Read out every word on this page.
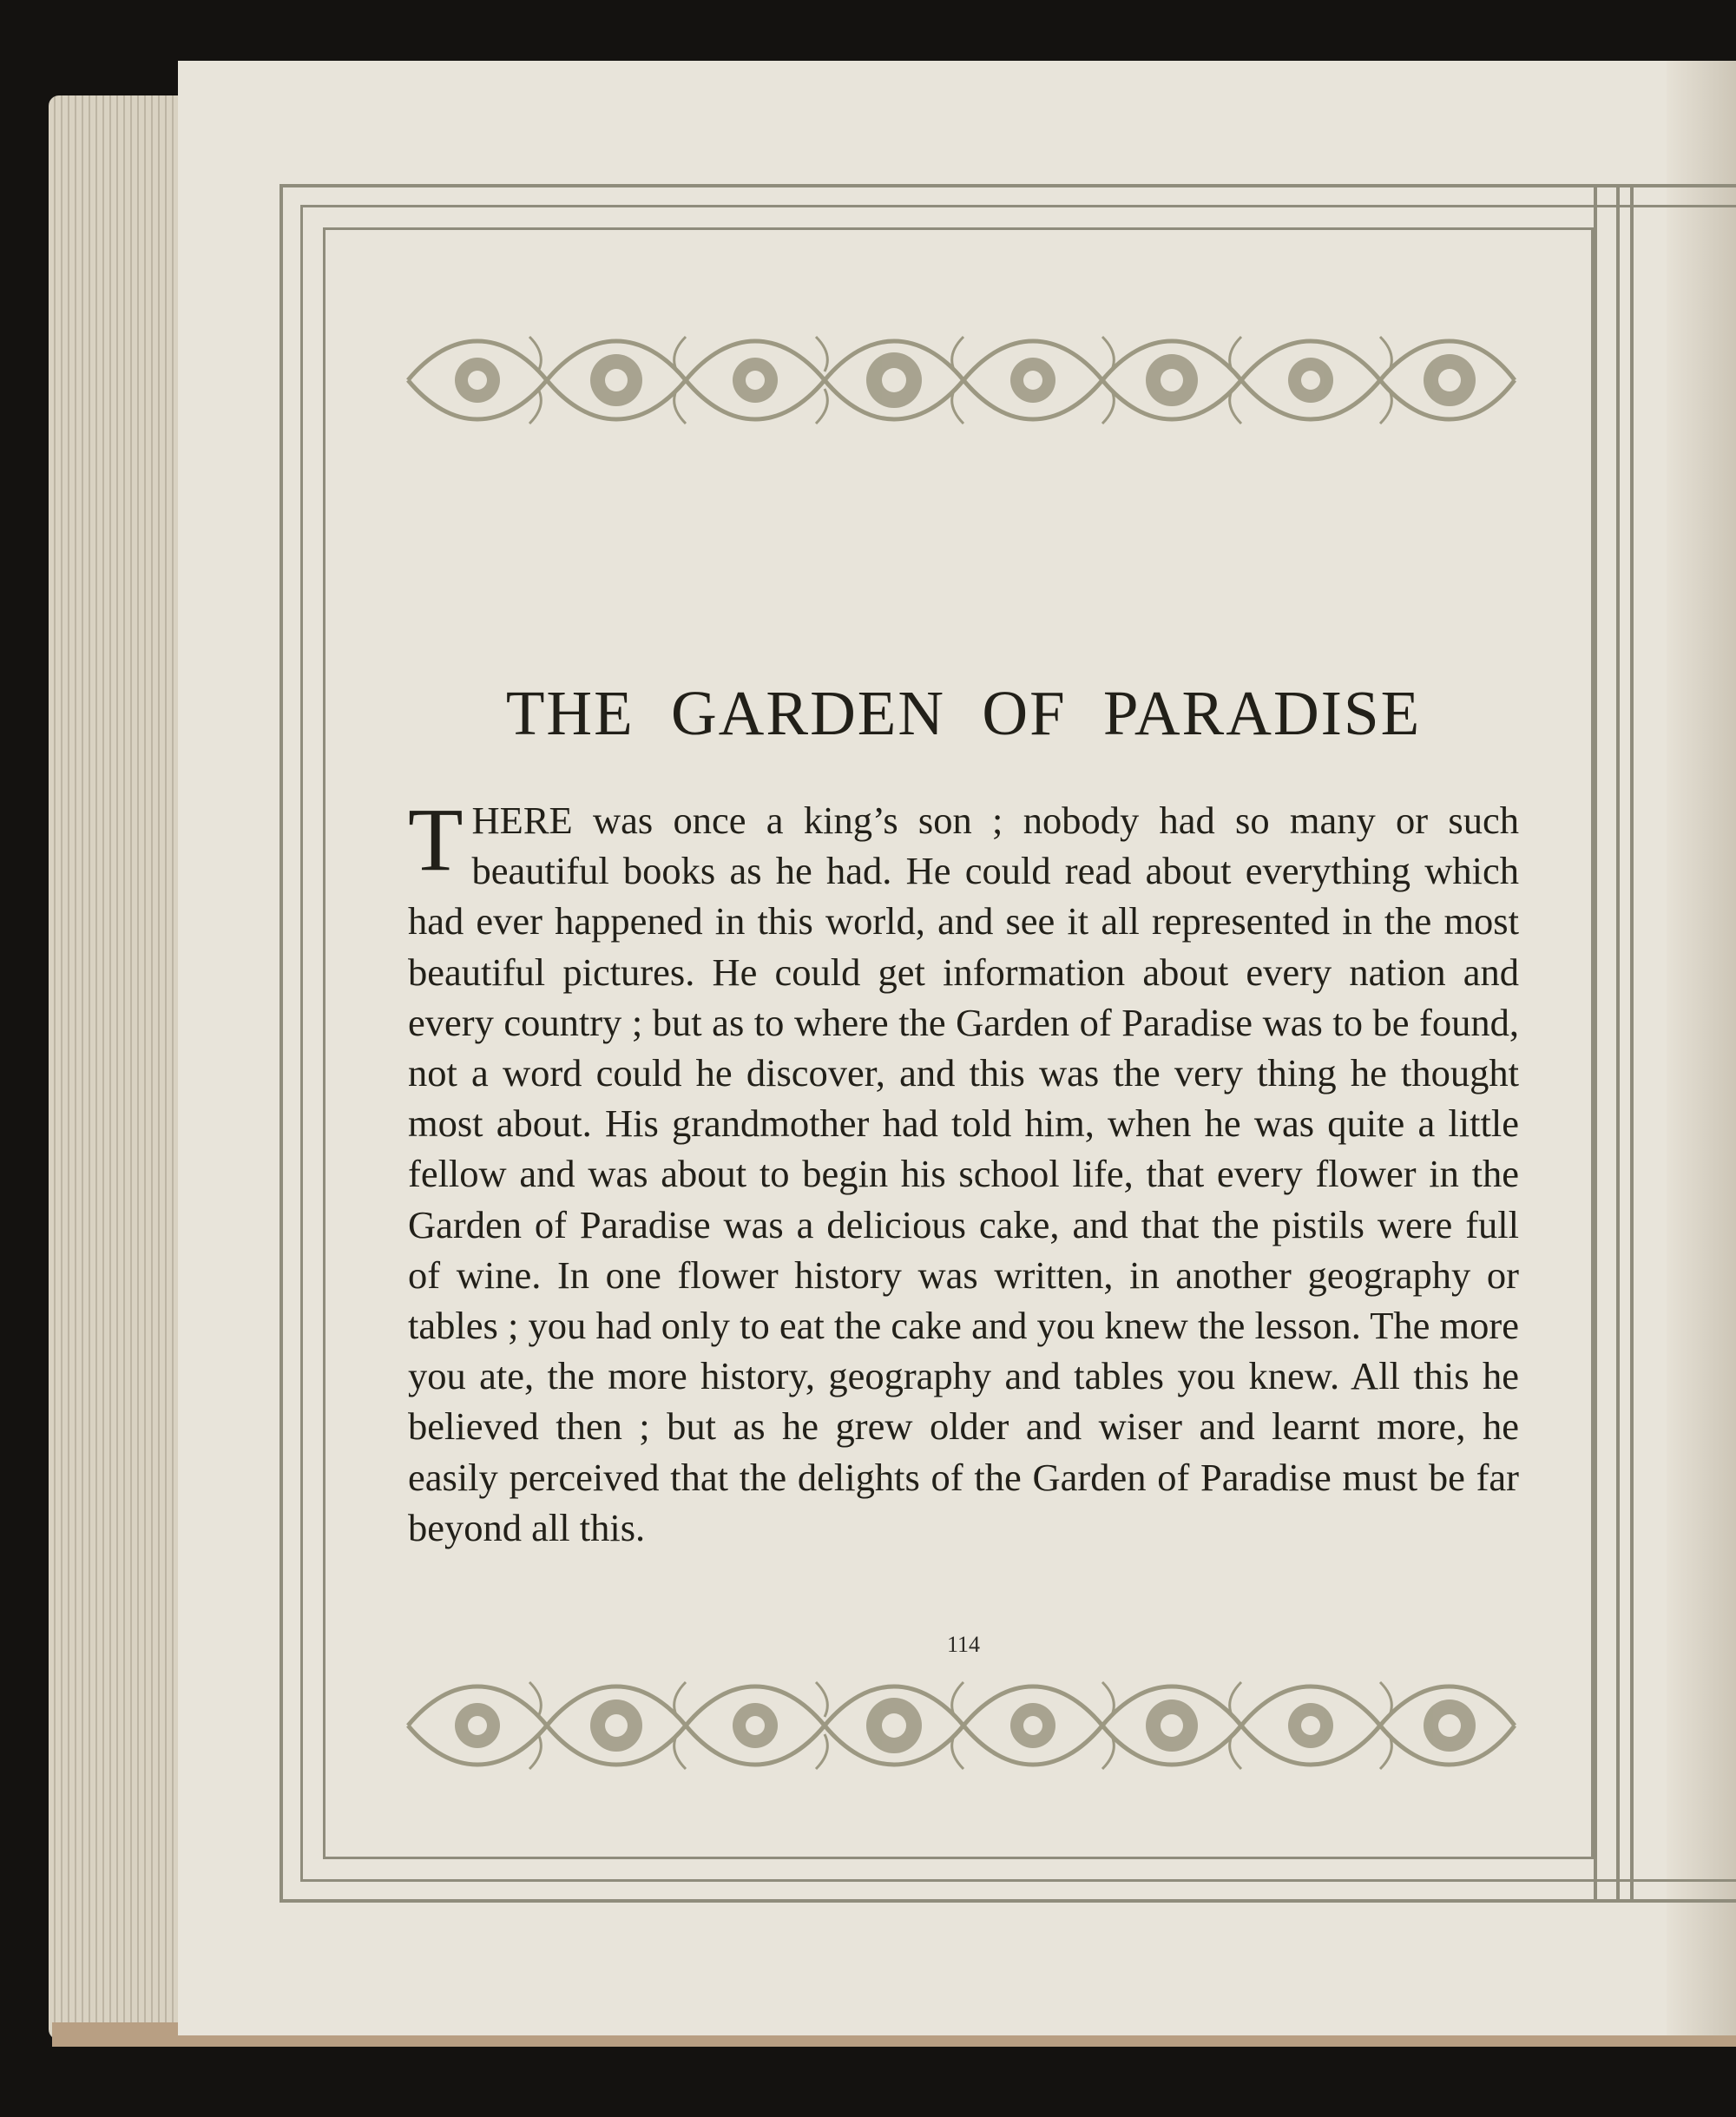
THE GARDEN OF PARADISE

THERE was once a king’s son ; nobody had so many or such beautiful books as he had. He could read about everything which had ever happened in this world, and see it all represented in the most beautiful pictures. He could get information about every nation and every country ; but as to where the Garden of Paradise was to be found, not a word could he discover, and this was the very thing he thought most about. His grandmother had told him, when he was quite a little fellow and was about to begin his school life, that every flower in the Garden of Paradise was a delicious cake, and that the pistils were full of wine. In one flower history was written, in another geography or tables ; you had only to eat the cake and you knew the lesson. The more you ate, the more history, geography and tables you knew. All this he believed then ; but as he grew older and wiser and learnt more, he easily perceived that the delights of the Garden of Paradise must be far beyond all this.

114
